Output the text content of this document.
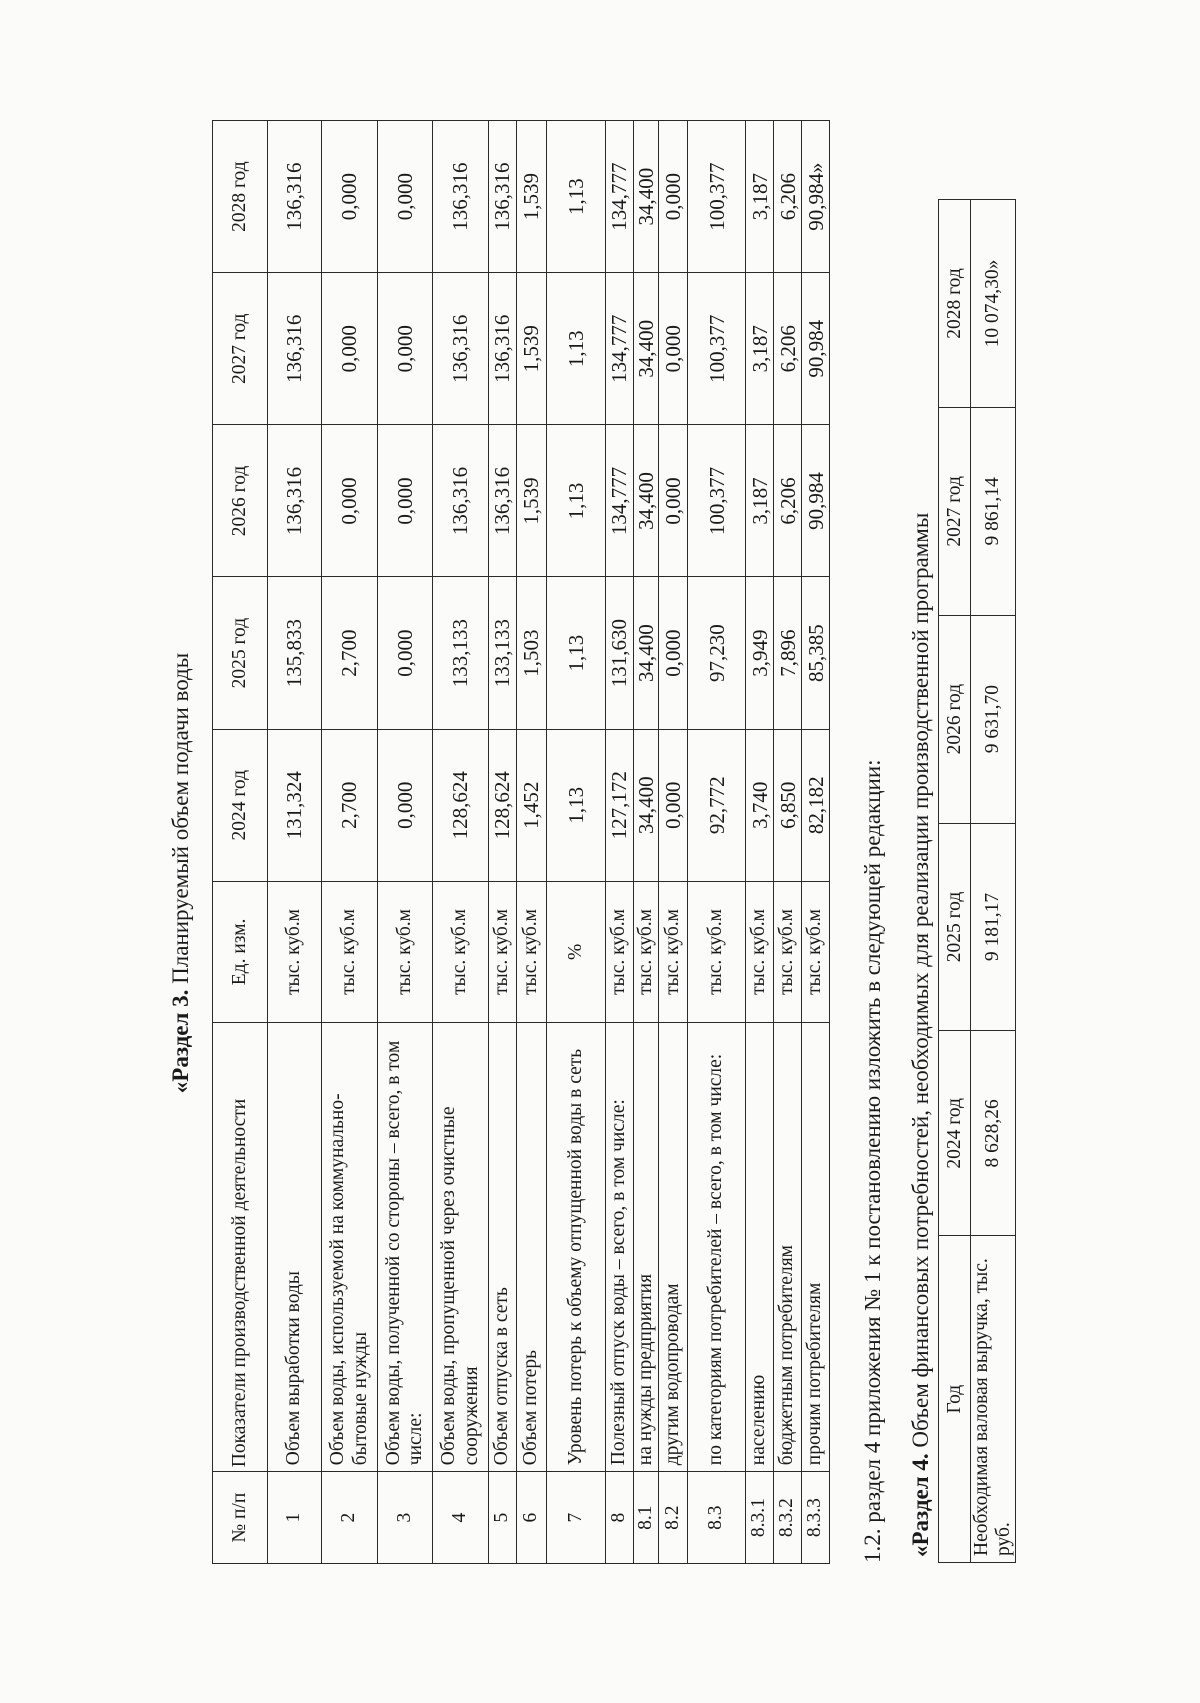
«Раздел 3. Планируемый объем подачи воды
№ п/п	Показатели производственной деятельности	Ед. изм.	2024 год	2025 год	2026 год	2027 год	2028 год
1	Объем выработки воды	тыс. куб.м	131,324	135,833	136,316	136,316	136,316
2	Объем воды, используемой на коммунально-бытовые нужды	тыс. куб.м	2,700	2,700	0,000	0,000	0,000
3	Объем воды, полученной со стороны – всего, в том числе:	тыс. куб.м	0,000	0,000	0,000	0,000	0,000
4	Объем воды, пропущенной через очистные сооружения	тыс. куб.м	128,624	133,133	136,316	136,316	136,316
5	Объем отпуска в сеть	тыс. куб.м	128,624	133,133	136,316	136,316	136,316
6	Объем потерь	тыс. куб.м	1,452	1,503	1,539	1,539	1,539
7	Уровень потерь к объему отпущенной воды в сеть	%	1,13	1,13	1,13	1,13	1,13
8	Полезный отпуск воды – всего, в том числе:	тыс. куб.м	127,172	131,630	134,777	134,777	134,777
8.1	на нужды предприятия	тыс. куб.м	34,400	34,400	34,400	34,400	34,400
8.2	другим водопроводам	тыс. куб.м	0,000	0,000	0,000	0,000	0,000
8.3	по категориям потребителей – всего, в том числе:	тыс. куб.м	92,772	97,230	100,377	100,377	100,377
8.3.1	населению	тыс. куб.м	3,740	3,949	3,187	3,187	3,187
8.3.2	бюджетным потребителям	тыс. куб.м	6,850	7,896	6,206	6,206	6,206
8.3.3	прочим потребителям	тыс. куб.м	82,182	85,385	90,984	90,984	90,984»
1.2. раздел 4 приложения № 1 к постановлению изложить в следующей редакции: «Раздел 4. Объем финансовых потребностей, необходимых для реализации производственной программы Год	2024 год	2025 год	2026 год	2027 год	2028 год
Необходимая валовая выручка, тыс. руб.	8 628,26	9 181,17	9 631,70	9 861,14	10 074,30»
